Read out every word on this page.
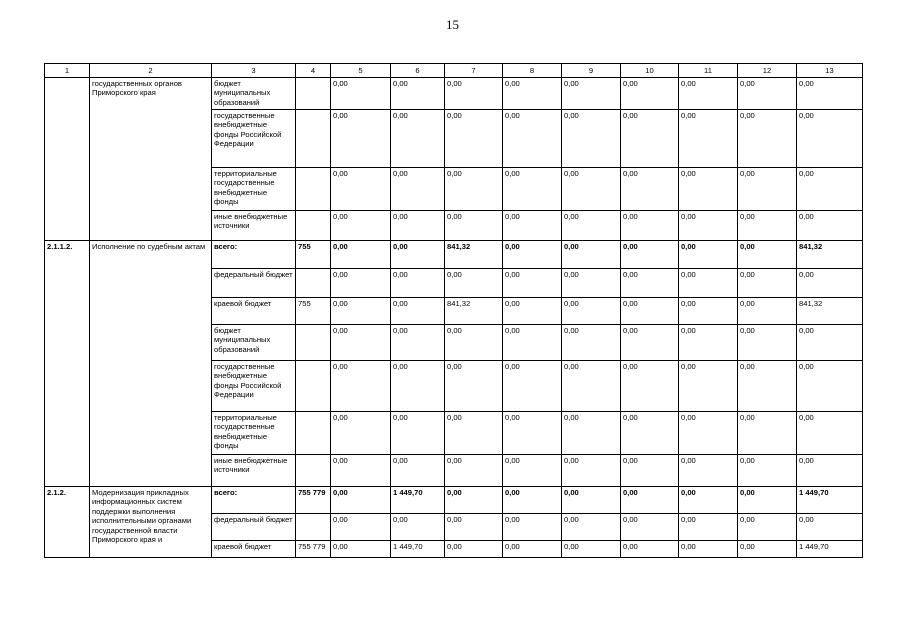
15
1	2	3	4	5	6	7	8	9	10	11	12	13
	государственных органов Приморского края	бюджет муниципальных образований		0,00	0,00	0,00	0,00	0,00	0,00	0,00	0,00	0,00
		государственные внебюджетные фонды Российской Федерации		0,00	0,00	0,00	0,00	0,00	0,00	0,00	0,00	0,00
		территориальные государственные внебюджетные фонды		0,00	0,00	0,00	0,00	0,00	0,00	0,00	0,00	0,00
		иные внебюджетные источники		0,00	0,00	0,00	0,00	0,00	0,00	0,00	0,00	0,00
2.1.1.2.	Исполнение по судебным актам	всего:	755	0,00	0,00	841,32	0,00	0,00	0,00	0,00	0,00	841,32
		федеральный бюджет		0,00	0,00	0,00	0,00	0,00	0,00	0,00	0,00	0,00
		краевой бюджет	755	0,00	0,00	841,32	0,00	0,00	0,00	0,00	0,00	841,32
		бюджет муниципальных образований		0,00	0,00	0,00	0,00	0,00	0,00	0,00	0,00	0,00
		государственные внебюджетные фонды Российской Федерации		0,00	0,00	0,00	0,00	0,00	0,00	0,00	0,00	0,00
		территориальные государственные внебюджетные фонды		0,00	0,00	0,00	0,00	0,00	0,00	0,00	0,00	0,00
		иные внебюджетные источники		0,00	0,00	0,00	0,00	0,00	0,00	0,00	0,00	0,00
2.1.2.	Модернизация прикладных информационных систем поддержки выполнения исполнительными органами государственной власти Приморского края и	всего:	755 779	0,00	1 449,70	0,00	0,00	0,00	0,00	0,00	0,00	1 449,70
		федеральный бюджет		0,00	0,00	0,00	0,00	0,00	0,00	0,00	0,00	0,00
		краевой бюджет	755 779	0,00	1 449,70	0,00	0,00	0,00	0,00	0,00	0,00	1 449,70
